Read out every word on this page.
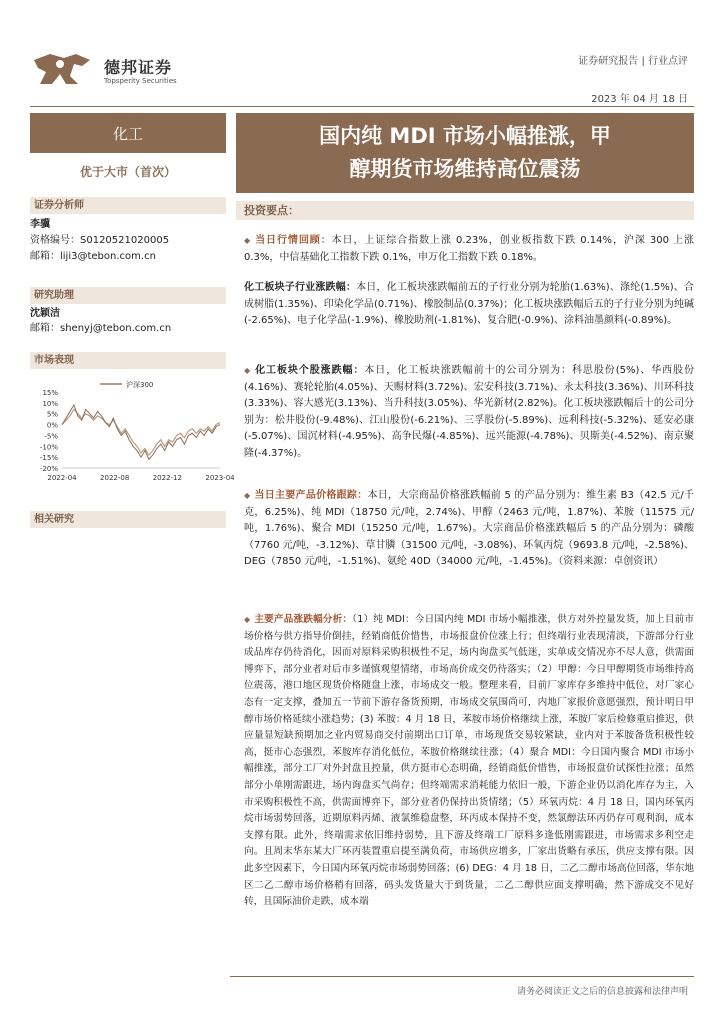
德邦证券
Topsperity Securities
证券研究报告 | 行业点评
2023 年 04 月 18 日
化工
优于大市（首次）
证券分析师
李骥
资格编号：S0120521020005
邮箱：liji3@tebon.com.cn
研究助理
沈颖洁
邮箱：shenyj@tebon.com.cn
市场表现
15%
10%
5%
0%
-5%
-10%
-15%
-20%
2022-04	2022-08	2022-12	2023-04
沪深300
相关研究
国内纯 MDI 市场小幅推涨，甲
醇期货市场维持高位震荡
投资要点：
◆ 当日行情回顾：本日，上证综合指数上涨 0.23%，创业板指数下跌 0.14%，沪深 300 上涨 0.3%，中信基础化工指数下跌 0.1%，申万化工指数下跌 0.18%。
化工板块子行业涨跌幅：本日，化工板块涨跌幅前五的子行业分别为轮胎(1.63%)、涤纶(1.5%)、合成树脂(1.35%)、印染化学品(0.71%)、橡胶制品(0.37%)；化工板块涨跌幅后五的子行业分别为纯碱(-2.65%)、电子化学品(-1.9%)、橡胶助剂(-1.81%)、复合肥(-0.9%)、涂料油墨颜料(-0.89%)。
◆ 化工板块个股涨跌幅：本日，化工板块涨跌幅前十的公司分别为：科思股份(5%)、华西股份(4.16%)、赛轮轮胎(4.05%)、天赐材料(3.72%)、宏安科技(3.71%)、永太科技(3.36%)、川环科技(3.33%)、容大感光(3.13%)、当升科技(3.05%)、华光新材(2.82%)。化工板块涨跌幅后十的公司分别为：松井股份(-9.48%)、江山股份(-6.21%)、三孚股份(-5.89%)、远利科技(-5.32%)、延安必康(-5.07%)、国沉材料(-4.95%)、高争民爆(-4.85%)、远兴能源(-4.78%)、贝斯美(-4.52%)、南京聚隆(-4.37%)。
◆ 当日主要产品价格跟踪：本日，大宗商品价格涨跌幅前 5 的产品分别为：维生素 B3（42.5 元/千克，6.25%)、纯 MDI（18750 元/吨，2.74%)、甲醇（2463 元/吨，1.87%)、苯胺（11575 元/吨，1.76%)、聚合 MDI（15250 元/吨，1.67%)。大宗商品价格涨跌幅后 5 的产品分别为：磷酸（7760 元/吨，-3.12%)、草甘膦（31500 元/吨，-3.08%)、环氧丙烷（9693.8 元/吨，-2.58%)、DEG（7850 元/吨，-1.51%)、氨纶 40D（34000 元/吨，-1.45%)。（资料来源：卓创资讯）
◆ 主要产品涨跌幅分析：（1）纯 MDI：今日国内纯 MDI 市场小幅推涨，供方对外控量发货，加上目前市场价格与供方指导价倒挂，经销商低价惜售，市场报盘价位涨上行；但终端行业表现清淡，下游部分行业成品库存仍待消化，因而对原料采购积极性不足，场内询盘买气低迷，实单成交情况亦不尽人意，供需面博弈下，部分业者对后市多谨慎观望情绪，市场高价成交仍待落实；（2）甲醇：今日甲醇期货市场维持高位震荡，港口地区现货价格随盘上涨，市场成交一般。整理来看，目前厂家库存多维持中低位，对厂家心态有一定支撑，叠加五一节前下游存备货预期，市场成交氛围尚可，内地厂家报价意愿强烈，预计明日甲醇市场价格延续小涨趋势；(3) 苯胺：4 月 18 日，苯胺市场价格继续上涨，苯胺厂家后检修重启推迟，供应量显短缺预期加之业内贸易商交付前期出口订单，市场现货交易较紧缺，业内对于苯胺备货积极性较高，挺市心态强烈，苯胺库存消化低位，苯胺价格继续往涨；（4）聚合 MDI：今日国内聚合 MDI 市场小幅推涨，部分工厂对外封盘且控量，供方挺市心态明确，经销商低价惜售，市场报盘价试探性拉涨；虽然部分小单刚需跟进，场内询盘买气尚存；但终端需求消耗能力依旧一般，下游企业仍以消化库存为主，入市采购积极性不高，供需面博弈下，部分业者仍保持出货情绪；（5）环氧丙烷：4 月 18 日，国内环氧丙烷市场弱势回落，近期原料丙烯、液氯维稳盘整，环丙成本保持不变，然氯醇法环丙仍存可观利润，成本支撑有限。此外，终端需求依旧维持弱势，且下游及终端工厂原料多逢低刚需跟进，市场需求多利空走向。且周末华东某大厂环丙装置重启提至满负荷，市场供应增多，厂家出货略有承压，供应支撑有限。因此多空因素下，今日国内环氧丙烷市场弱势回落；(6) DEG：4 月 18 日，二乙二醇市场高位回落，华东地区二乙二醇市场价格稍有回落，码头发货量大于到货量，二乙二醇供应面支撑明确，然下游成交不见好转，且国际油价走跌，成本端
请务必阅读正文之后的信息披露和法律声明
